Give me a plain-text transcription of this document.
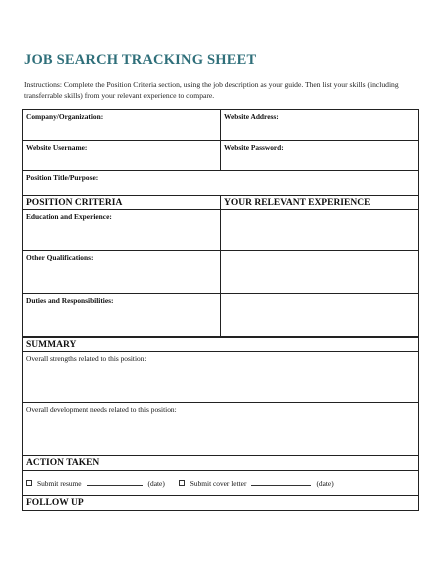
JOB SEARCH TRACKING SHEET
Instructions: Complete the Position Criteria section, using the job description as your guide. Then list your skills (including transferrable skills) from your relevant experience to compare.
Company/Organization:	Website Address:
Website Username:	Website Password:
Position Title/Purpose:
POSITION CRITERIA	YOUR RELEVANT EXPERIENCE
Education and Experience:
Other Qualifications:
Duties and Responsibilities:
SUMMARY
Overall strengths related to this position:
Overall development needs related to this position:
ACTION TAKEN
Submit resume	(date)	Submit cover letter	(date)
FOLLOW UP
